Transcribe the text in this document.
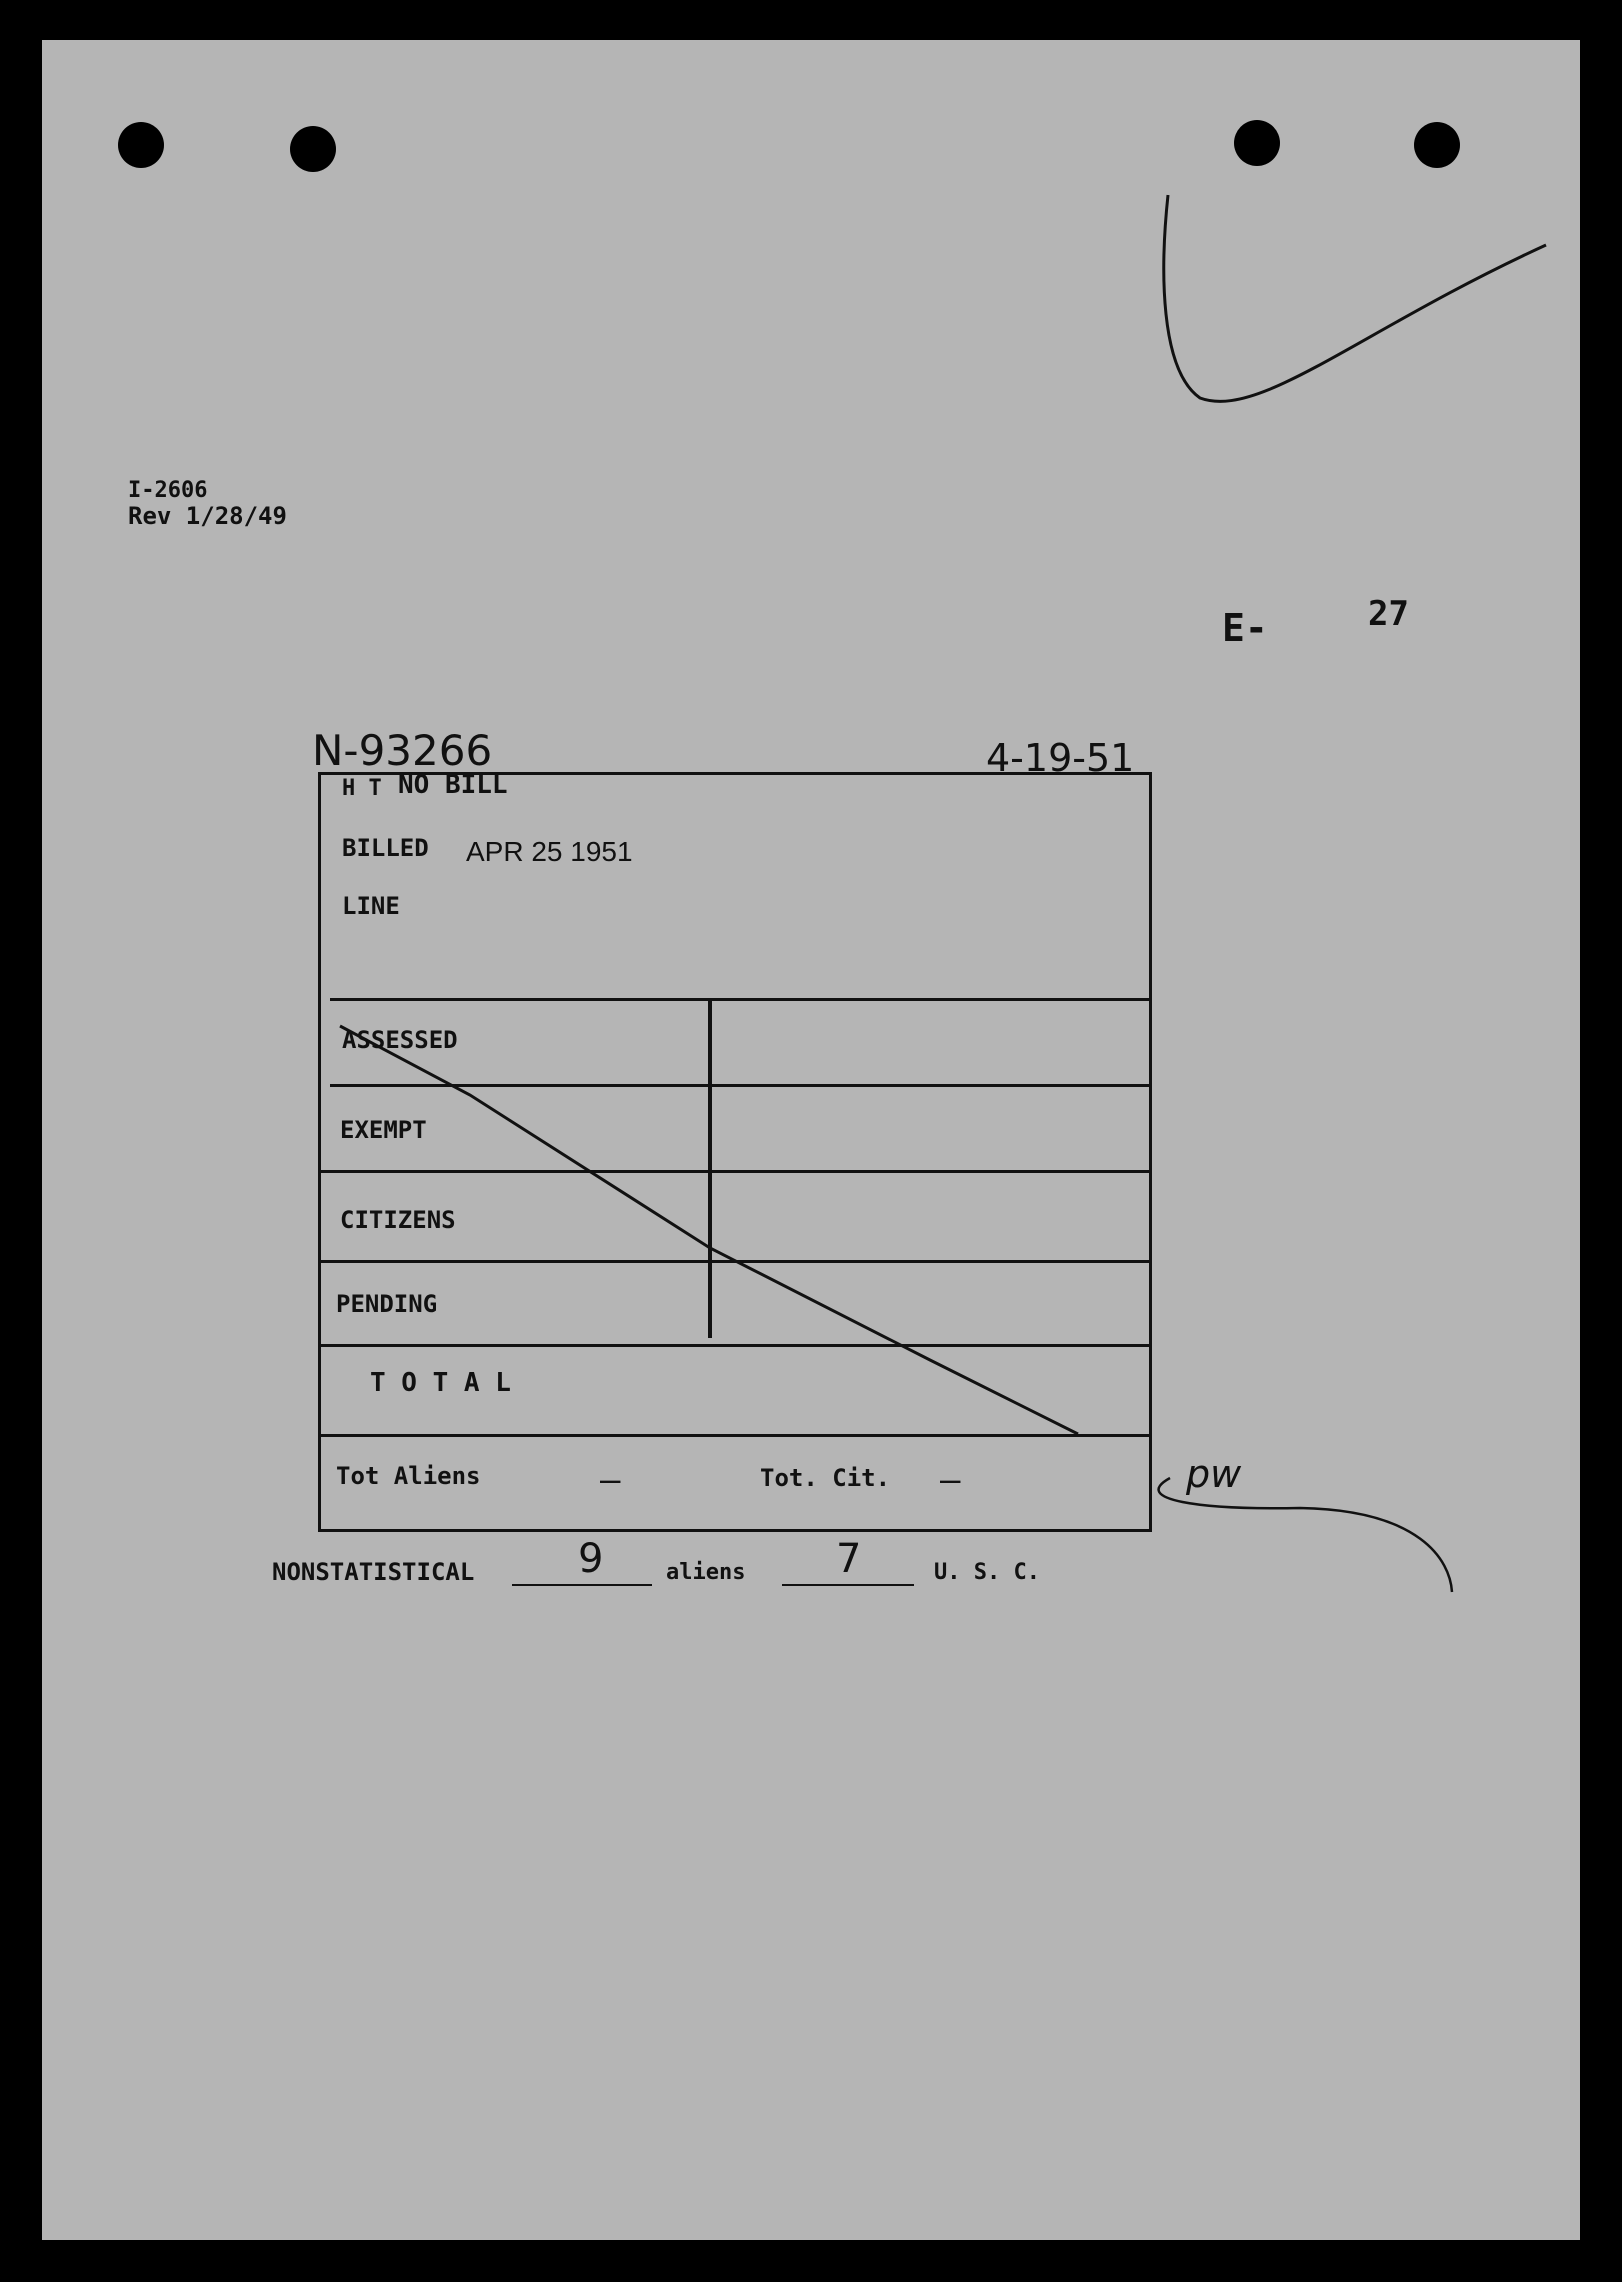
I-2606
Rev 1/28/49
N-93266	4-19-51
E-	27
pw
H T NO BILL
BILLED APR 25 1951
LINE
ASSESSED
EXEMPT
CITIZENS
PENDING
T O T A L
Tot Aliens	—	Tot. Cit. —
NONSTATISTICAL	9	aliens 7	U. S. C.
